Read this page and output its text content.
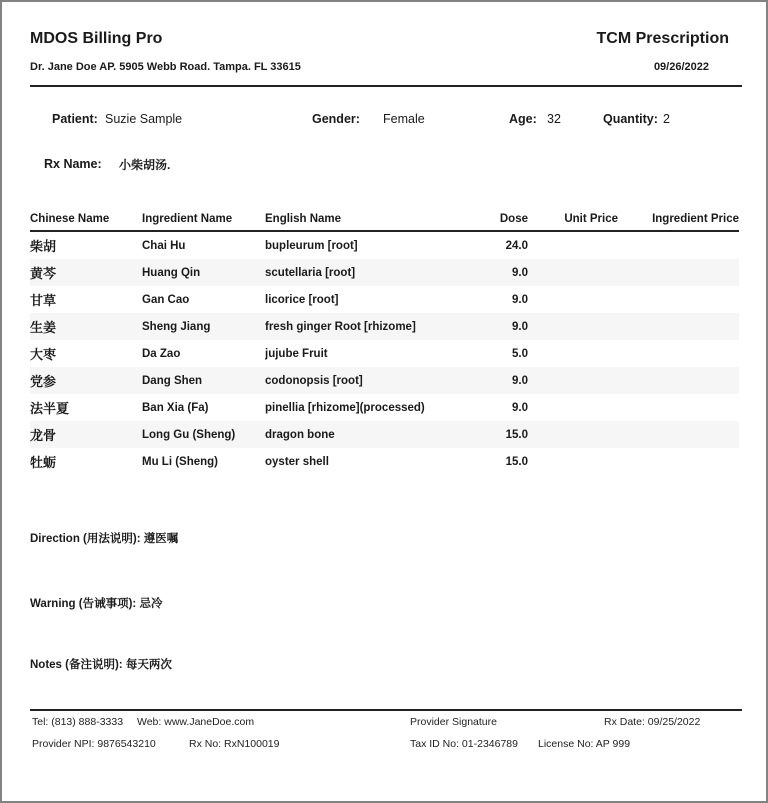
MDOS Billing Pro	TCM Prescription
Dr. Jane Doe AP. 5905 Webb Road. Tampa. FL 33615	09/26/2022
Patient: Suzie Sample	Gender: Female	Age: 32	Quantity: 2
Rx Name: 小柴胡汤.
Chinese Name	Ingredient Name	English Name	Dose	Unit Price	Ingredient Price
柴胡	Chai Hu	bupleurum [root]	24.0		
黄芩	Huang Qin	scutellaria [root]	9.0		
甘草	Gan Cao	licorice [root]	9.0		
生姜	Sheng Jiang	fresh ginger Root [rhizome]	9.0		
大枣	Da Zao	jujube Fruit	5.0		
党参	Dang Shen	codonopsis [root]	9.0		
法半夏	Ban Xia (Fa)	pinellia [rhizome](processed)	9.0		
龙骨	Long Gu (Sheng)	dragon bone	15.0		
牡蛎	Mu Li (Sheng)	oyster shell	15.0		
Direction (用法说明): 遵医嘱
Warning (告诫事项): 忌冷
Notes (备注说明): 每天两次
Tel: (813) 888-3333 Web: www.JaneDoe.com	Provider Signature	Rx Date: 09/25/2022
Provider NPI: 9876543210	Rx No: RxN100019	Tax ID No: 01-2346789 License No: AP 999
